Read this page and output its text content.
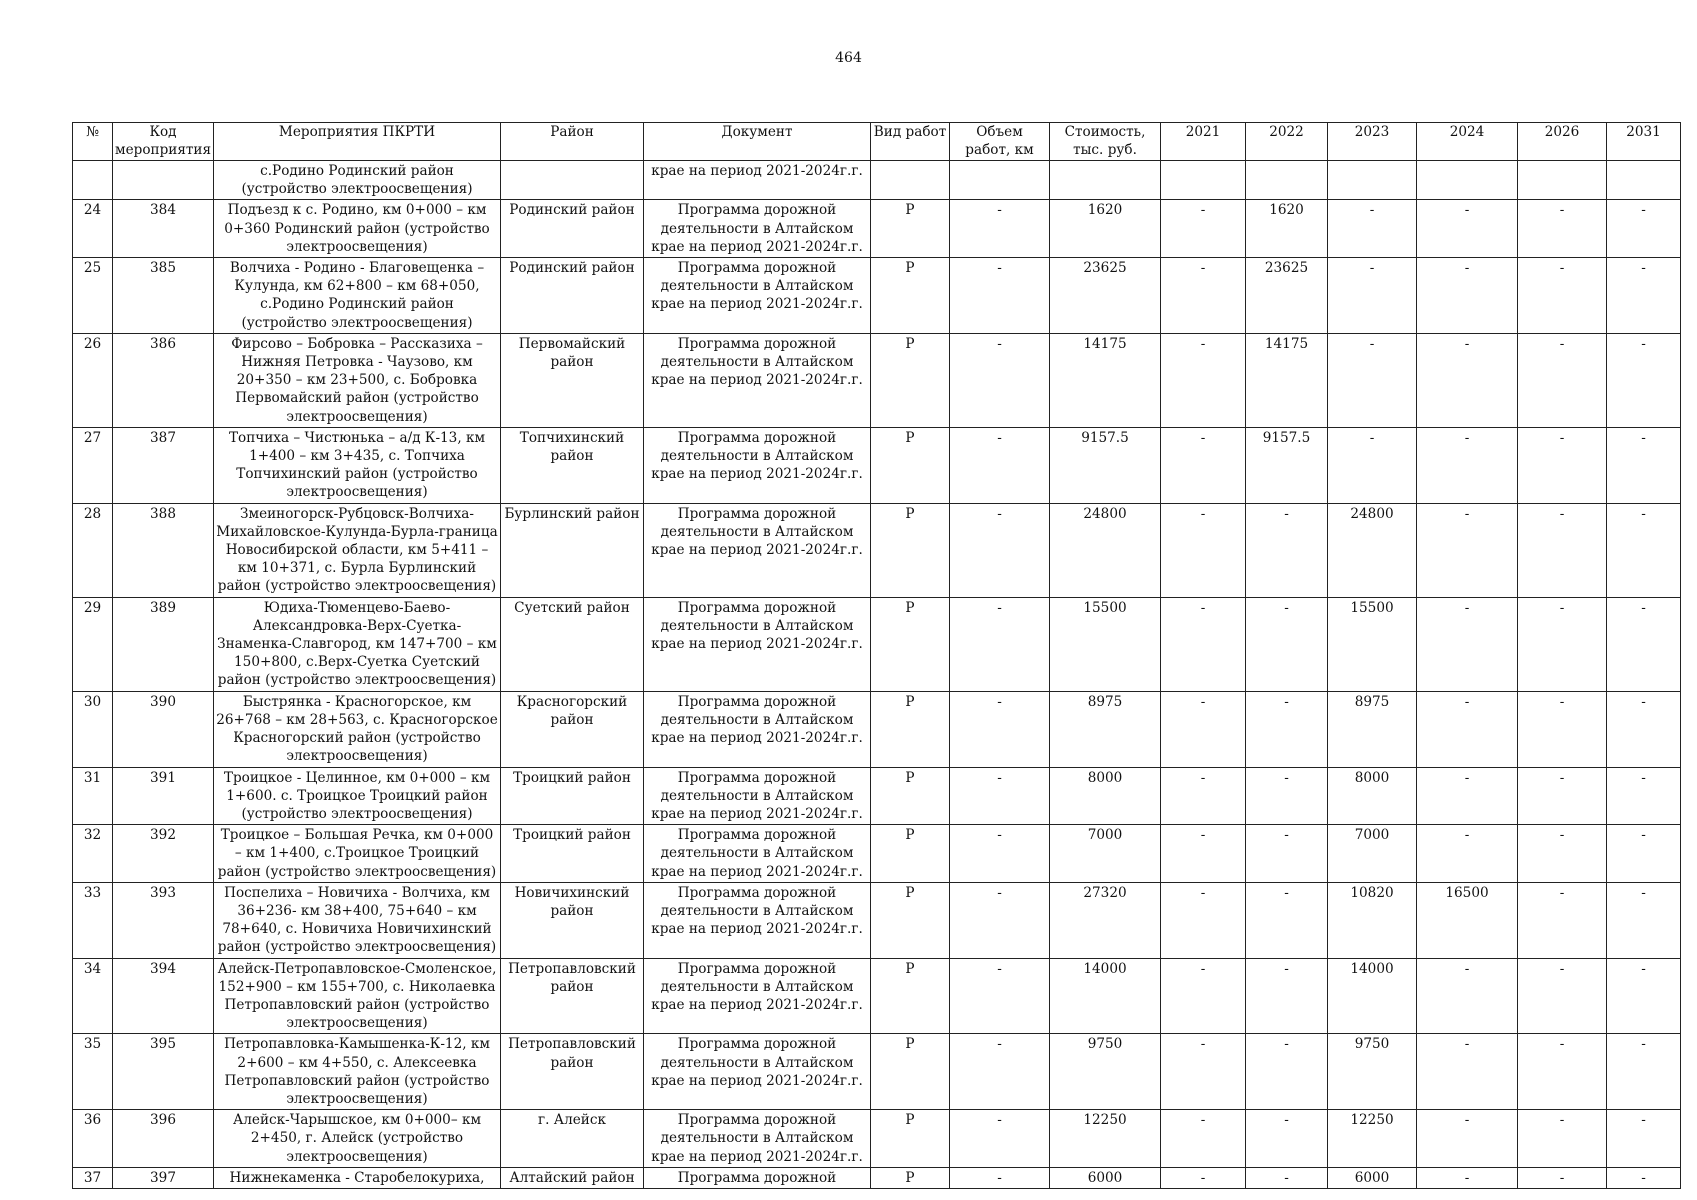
464
№	Код мероприятия	Мероприятия ПКРТИ	Район	Документ	Вид работ	Объем работ, км	Стоимость, тыс. руб.	2021	2022	2023	2024	2026	2031
		с.Родино Родинский район (устройство электроосвещения)		крае на период 2021-2024г.г.									
24	384	Подъезд к с. Родино, км 0+000 – км 0+360 Родинский район (устройство электроосвещения)	Родинский район	Программа дорожной деятельности в Алтайском крае на период 2021-2024г.г.	Р	-	1620	-	1620	-	-	-	-
25	385	Волчиха - Родино - Благовещенка – Кулунда, км 62+800 – км 68+050, с.Родино Родинский район (устройство электроосвещения)	Родинский район	Программа дорожной деятельности в Алтайском крае на период 2021-2024г.г.	Р	-	23625	-	23625	-	-	-	-
26	386	Фирсово – Бобровка – Рассказиха – Нижняя Петровка - Чаузово, км 20+350 – км 23+500, с. Бобровка Первомайский район (устройство электроосвещения)	Первомайский район	Программа дорожной деятельности в Алтайском крае на период 2021-2024г.г.	Р	-	14175	-	14175	-	-	-	-
27	387	Топчиха – Чистюнька – а/д К-13, км 1+400 – км 3+435, с. Топчиха Топчихинский район (устройство электроосвещения)	Топчихинский район	Программа дорожной деятельности в Алтайском крае на период 2021-2024г.г.	Р	-	9157.5	-	9157.5	-	-	-	-
28	388	Змеиногорск-Рубцовск-Волчиха-Михайловское-Кулунда-Бурла-граница Новосибирской области, км 5+411 – км 10+371, с. Бурла Бурлинский район (устройство электроосвещения)	Бурлинский район	Программа дорожной деятельности в Алтайском крае на период 2021-2024г.г.	Р	-	24800	-	-	24800	-	-	-
29	389	Юдиха-Тюменцево-Баево-Александровка-Верх-Суетка-Знаменка-Славгород, км 147+700 – км 150+800, с.Верх-Суетка Суетский район (устройство электроосвещения)	Суетский район	Программа дорожной деятельности в Алтайском крае на период 2021-2024г.г.	Р	-	15500	-	-	15500	-	-	-
30	390	Быстрянка - Красногорское, км 26+768 – км 28+563, с. Красногорское Красногорский район (устройство электроосвещения)	Красногорский район	Программа дорожной деятельности в Алтайском крае на период 2021-2024г.г.	Р	-	8975	-	-	8975	-	-	-
31	391	Троицкое - Целинное, км 0+000 – км 1+600. с. Троицкое Троицкий район (устройство электроосвещения)	Троицкий район	Программа дорожной деятельности в Алтайском крае на период 2021-2024г.г.	Р	-	8000	-	-	8000	-	-	-
32	392	Троицкое – Большая Речка, км 0+000 – км 1+400, с.Троицкое Троицкий район (устройство электроосвещения)	Троицкий район	Программа дорожной деятельности в Алтайском крае на период 2021-2024г.г.	Р	-	7000	-	-	7000	-	-	-
33	393	Поспелиха – Новичиха - Волчиха, км 36+236- км 38+400, 75+640 – км 78+640, с. Новичиха Новичихинский район (устройство электроосвещения)	Новичихинский район	Программа дорожной деятельности в Алтайском крае на период 2021-2024г.г.	Р	-	27320	-	-	10820	16500	-	-
34	394	Алейск-Петропавловское-Смоленское, 152+900 – км 155+700, с. Николаевка Петропавловский район (устройство электроосвещения)	Петропавловский район	Программа дорожной деятельности в Алтайском крае на период 2021-2024г.г.	Р	-	14000	-	-	14000	-	-	-
35	395	Петропавловка-Камышенка-К-12, км 2+600 – км 4+550, с. Алексеевка Петропавловский район (устройство электроосвещения)	Петропавловский район	Программа дорожной деятельности в Алтайском крае на период 2021-2024г.г.	Р	-	9750	-	-	9750	-	-	-
36	396	Алейск-Чарышское, км 0+000– км 2+450, г. Алейск (устройство электроосвещения)	г. Алейск	Программа дорожной деятельности в Алтайском крае на период 2021-2024г.г.	Р	-	12250	-	-	12250	-	-	-
37	397	Нижнекаменка - Старобелокуриха,	Алтайский район	Программа дорожной	Р	-	6000	-	-	6000	-	-	-
